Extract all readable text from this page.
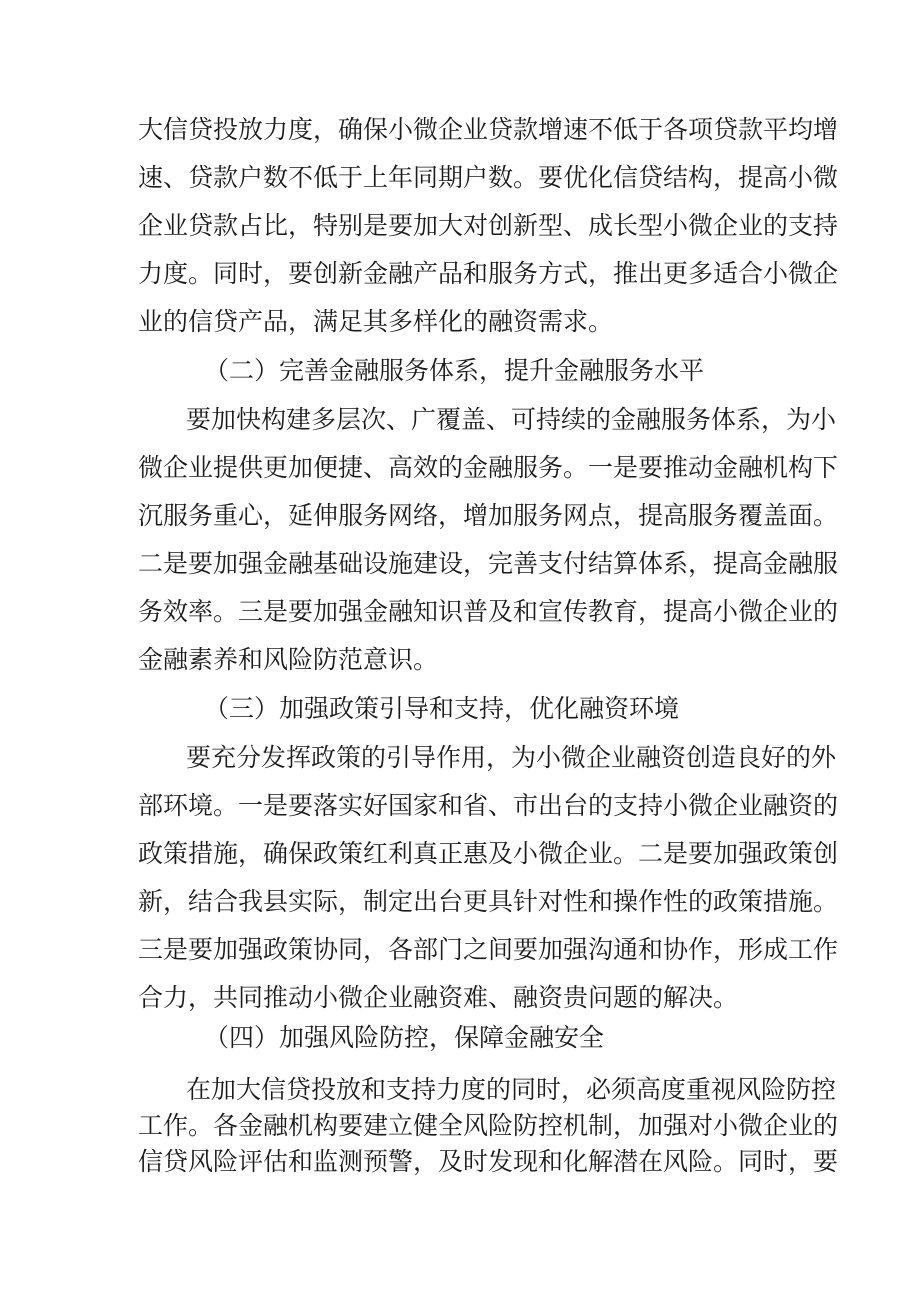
大信贷投放力度，确保小微企业贷款增速不低于各项贷款平均增
速、贷款户数不低于上年同期户数。要优化信贷结构，提高小微
企业贷款占比，特别是要加大对创新型、成长型小微企业的支持
力度。同时，要创新金融产品和服务方式，推出更多适合小微企
业的信贷产品，满足其多样化的融资需求。
（二）完善金融服务体系，提升金融服务水平
要加快构建多层次、广覆盖、可持续的金融服务体系，为小
微企业提供更加便捷、高效的金融服务。一是要推动金融机构下
沉服务重心，延伸服务网络，增加服务网点，提高服务覆盖面。
二是要加强金融基础设施建设，完善支付结算体系，提高金融服
务效率。三是要加强金融知识普及和宣传教育，提高小微企业的
金融素养和风险防范意识。
（三）加强政策引导和支持，优化融资环境
要充分发挥政策的引导作用，为小微企业融资创造良好的外
部环境。一是要落实好国家和省、市出台的支持小微企业融资的
政策措施，确保政策红利真正惠及小微企业。二是要加强政策创
新，结合我县实际，制定出台更具针对性和操作性的政策措施。
三是要加强政策协同，各部门之间要加强沟通和协作，形成工作
合力，共同推动小微企业融资难、融资贵问题的解决。
（四）加强风险防控，保障金融安全
在加大信贷投放和支持力度的同时，必须高度重视风险防控
工作。各金融机构要建立健全风险防控机制，加强对小微企业的
信贷风险评估和监测预警，及时发现和化解潜在风险。同时，要
